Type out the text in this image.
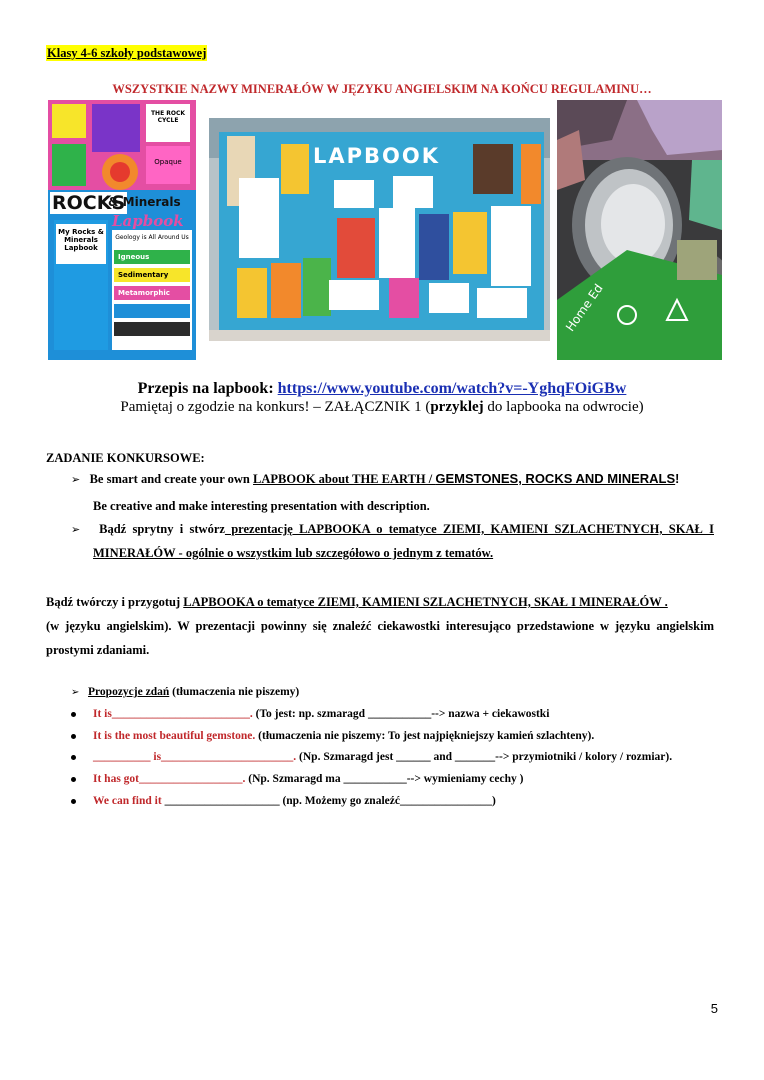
Klasy 4-6 szkoły podstawowej
WSZYSTKIE NAZWY MINERAŁÓW W JĘZYKU ANGIELSKIM NA KOŃCU REGULAMINU…
ROCKS
& Minerals
Lapbook
THE ROCK CYCLE
Opaque
My Rocks & Minerals Lapbook
Geology is All Around Us
Igneous
Sedimentary
Metamorphic
LAPBOOK
Home Ed
Przepis na lapbook: https://www.youtube.com/watch?v=-YghqFOiGBw
Pamiętaj o zgodzie na konkurs! – ZAŁĄCZNIK 1 (przyklej do lapbooka na odwrocie)
ZADANIE KONKURSOWE:
➢ Be smart and create your own LAPBOOK about THE EARTH / GEMSTONES, ROCKS AND MINERALS!
Be creative and make interesting presentation with description.
➢ Bądź sprytny i stwórz prezentację LAPBOOKA o tematyce ZIEMI, KAMIENI SZLACHETNYCH, SKAŁ I
MINERAŁÓW - ogólnie o wszystkim lub szczegółowo o jednym z tematów.
Bądź twórczy i przygotuj LAPBOOKA o tematyce ZIEMI, KAMIENI SZLACHETNYCH, SKAŁ I MINERAŁÓW .
(w języku angielskim). W prezentacji powinny się znaleźć ciekawostki interesująco przedstawione w języku angielskim prostymi zdaniami.
➢ Propozycje zdań (tłumaczenia nie piszemy)
It is________________________. (To jest: np. szmaragd ___________--> nazwa + ciekawostki
It is the most beautiful gemstone. (tłumaczenia nie piszemy: To jest najpiękniejszy kamień szlachteny).
__________ is_______________________. (Np. Szmaragd jest ______ and _______--> przymiotniki / kolory / rozmiar).
It has got__________________. (Np. Szmaragd ma ___________--> wymieniamy cechy )
We can find it ____________________ (np. Możemy go znaleźć________________)
5
